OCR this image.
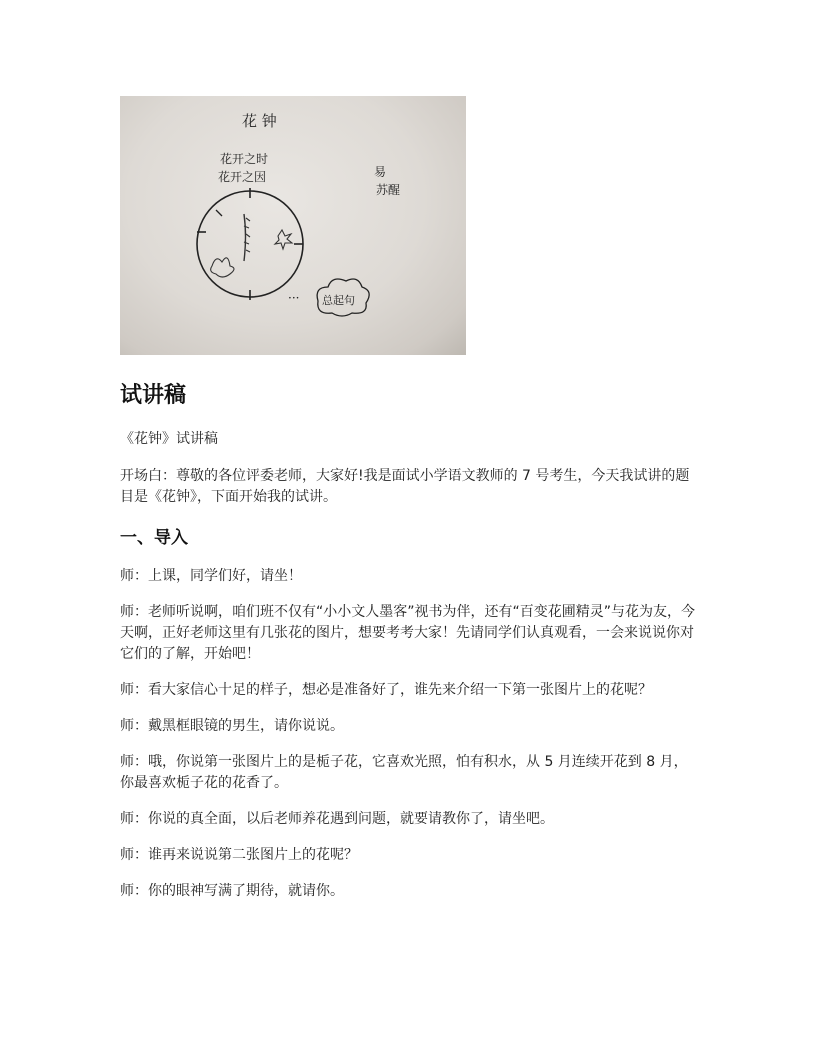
花 钟
花开之时
花开之因	易
苏醒
··· 总起句
试讲稿

《花钟》试讲稿

开场白：尊敬的各位评委老师，大家好!我是面试小学语文教师的 7 号考生，今天我试讲的题目是《花钟》，下面开始我的试讲。

一、导入

师：上课，同学们好，请坐！

师：老师听说啊，咱们班不仅有“小小文人墨客”视书为伴，还有“百变花圃精灵”与花为友，今天啊，正好老师这里有几张花的图片，想要考考大家！先请同学们认真观看，一会来说说你对它们的了解，开始吧！

师：看大家信心十足的样子，想必是准备好了，谁先来介绍一下第一张图片上的花呢？

师：戴黑框眼镜的男生，请你说说。

师：哦，你说第一张图片上的是栀子花，它喜欢光照，怕有积水，从 5 月连续开花到 8 月，你最喜欢栀子花的花香了。

师：你说的真全面，以后老师养花遇到问题，就要请教你了，请坐吧。

师：谁再来说说第二张图片上的花呢？

师：你的眼神写满了期待，就请你。
